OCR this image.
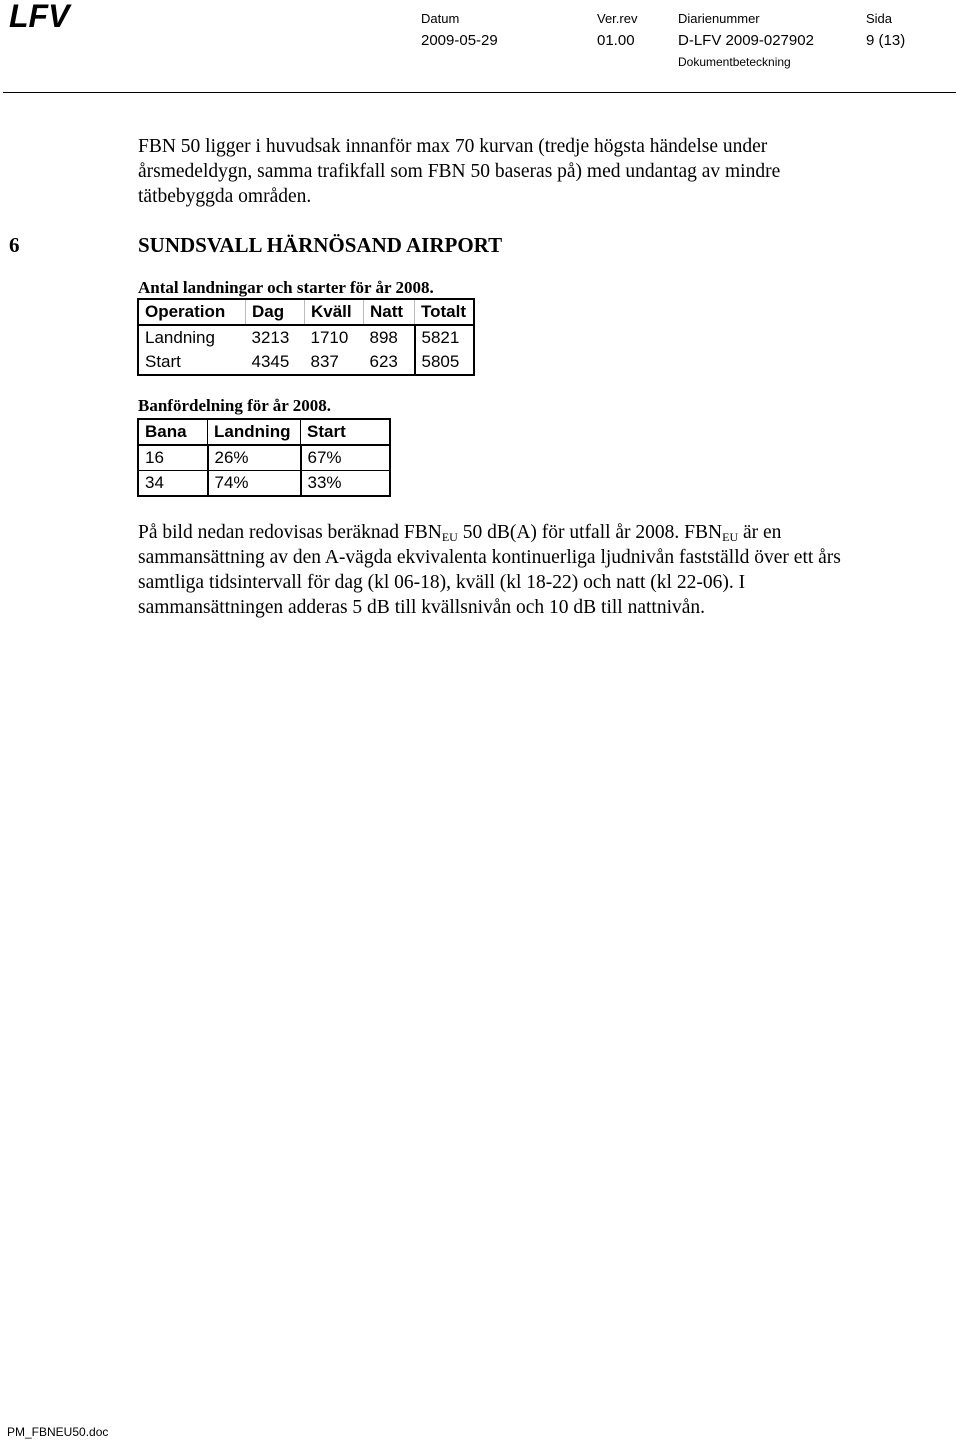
LFV	Datum
2009-05-29
Ver.rev
01.00
Diarienummer
D-LFV 2009-027902
Dokumentbeteckning
Sida
9 (13)
FBN 50 ligger i huvudsak innanför max 70 kurvan (tredje högsta händelse under årsmedeldygn, samma trafikfall som FBN 50 baseras på) med undantag av mindre tätbebyggda områden.
6	SUNDSVALL HÄRNÖSAND AIRPORT
Antal landningar och starter för år 2008.
Operation	Dag	Kväll	Natt	Totalt
Landning	3213	1710	898	5821
Start	4345	837	623	5805
Banfördelning för år 2008.
Bana	Landning	Start
16	26%	67%
34	74%	33%
På bild nedan redovisas beräknad $FBN_{EU}$ 50 dB(A) för utfall år 2008. $FBN_{EU}$ är en sammansättning av den A-vägda ekvivalenta kontinuerliga ljudnivån fastställd över ett års samtliga tidsintervall för dag (kl 06-18), kväll (kl 18-22) och natt (kl 22-06). I sammansättningen adderas 5 dB till kvällsnivån och 10 dB till nattnivån.
PM_FBNEU50.doc
